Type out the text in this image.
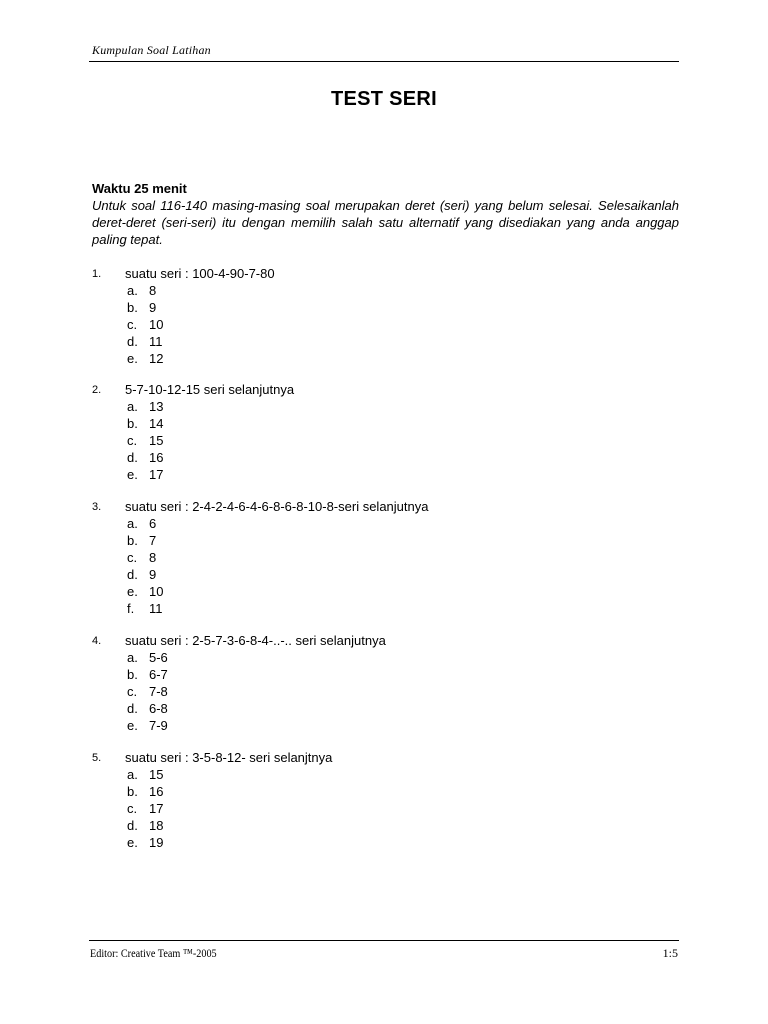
Kumpulan Soal Latihan
TEST SERI
Waktu 25 menit
Untuk soal 116-140 masing-masing soal merupakan deret (seri) yang belum selesai. Selesaikanlah deret-deret (seri-seri) itu dengan memilih salah satu alternatif yang disediakan yang anda anggap paling tepat.
1. suatu seri : 100-4-90-7-80
a. 8
b. 9
c. 10
d. 11
e. 12
2. 5-7-10-12-15 seri selanjutnya
a. 13
b. 14
c. 15
d. 16
e. 17
3. suatu seri : 2-4-2-4-6-4-6-8-6-8-10-8-seri selanjutnya
a. 6
b. 7
c. 8
d. 9
e. 10
f.	11
4. suatu seri : 2-5-7-3-6-8-4-..-.. seri selanjutnya
a. 5-6
b. 6-7
c. 7-8
d. 6-8
e. 7-9
5. suatu seri : 3-5-8-12- seri selanjtnya
a. 15
b. 16
c. 17
d. 18
e. 19
Editor: Creative Team ™-2005	1:5
